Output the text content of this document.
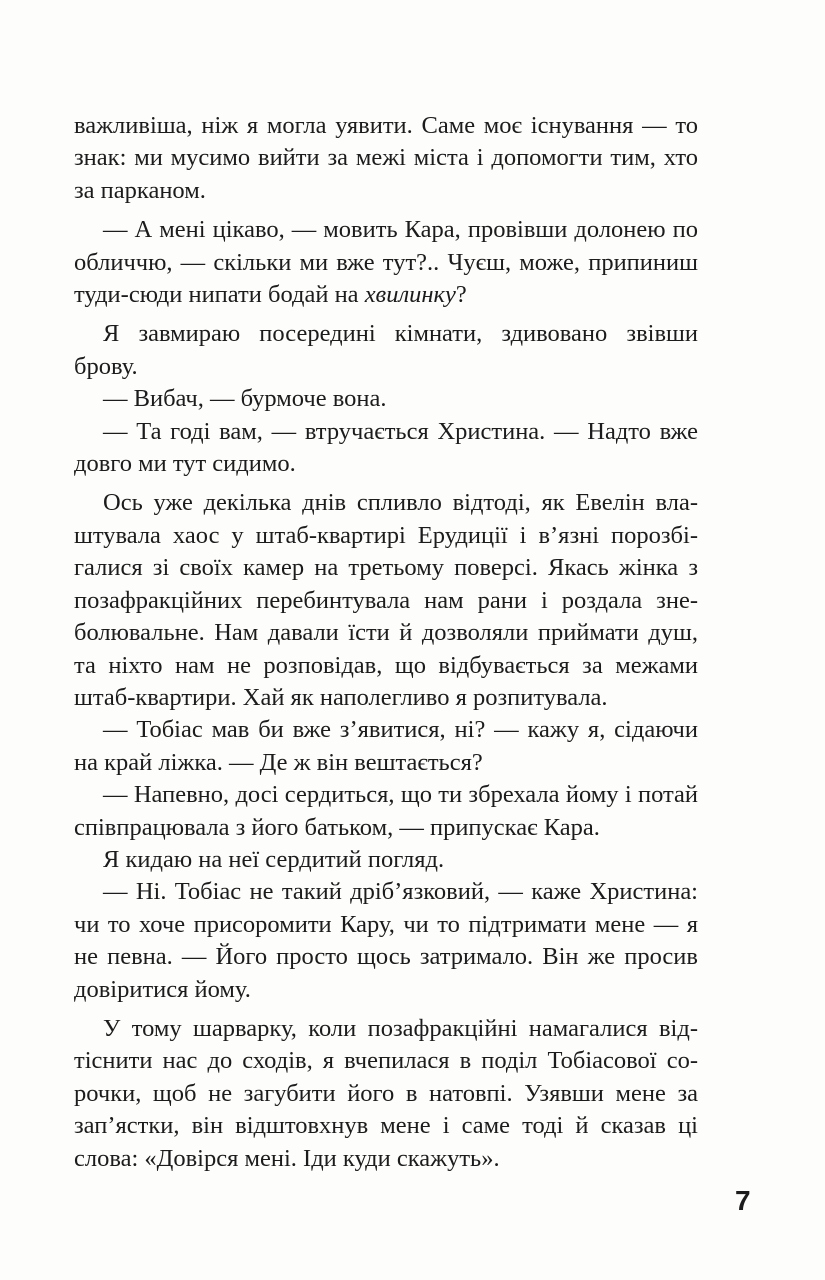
важливіша, ніж я могла уявити. Саме моє існування — то знак: ми мусимо вийти за межі міста і допомогти тим, хто за парканом.

— А мені цікаво, — мовить Кара, провівши долонею по обличчю, — скільки ми вже тут?.. Чуєш, може, припиниш туди-сюди нипати бодай на хвилинку?

Я завмираю посередині кімнати, здивовано звівши брову.

— Вибач, — бурмоче вона.

— Та годі вам, — втручається Христина. — Надто вже довго ми тут сидимо.

Ось уже декілька днів спливло відтоді, як Евелін влаштувала хаос у штаб-квартирі Ерудиції і в’язні порозбігалися зі своїх камер на третьому поверсі. Якась жінка з позафракційних перебинтувала нам рани і роздала знеболювальне. Нам давали їсти й дозволяли приймати душ, та ніхто нам не розповідав, що відбувається за межами штаб-квартири. Хай як наполегливо я розпитувала.

— Тобіас мав би вже з’явитися, ні? — кажу я, сідаючи на край ліжка. — Де ж він вештається?

— Напевно, досі сердиться, що ти збрехала йому і потай співпрацювала з його батьком, — припускає Кара.

Я кидаю на неї сердитий погляд.

— Ні. Тобіас не такий дріб’язковий, — каже Христина: чи то хоче присоромити Кару, чи то підтримати мене — я не певна. — Його просто щось затримало. Він же просив довіритися йому.

У тому шарварку, коли позафракційні намагалися відтіснити нас до сходів, я вчепилася в поділ Тобіасової сорочки, щоб не загубити його в натовпі. Узявши мене за зап’ястки, він відштовхнув мене і саме тоді й сказав ці слова: «Довірся мені. Іди куди скажуть».

7
